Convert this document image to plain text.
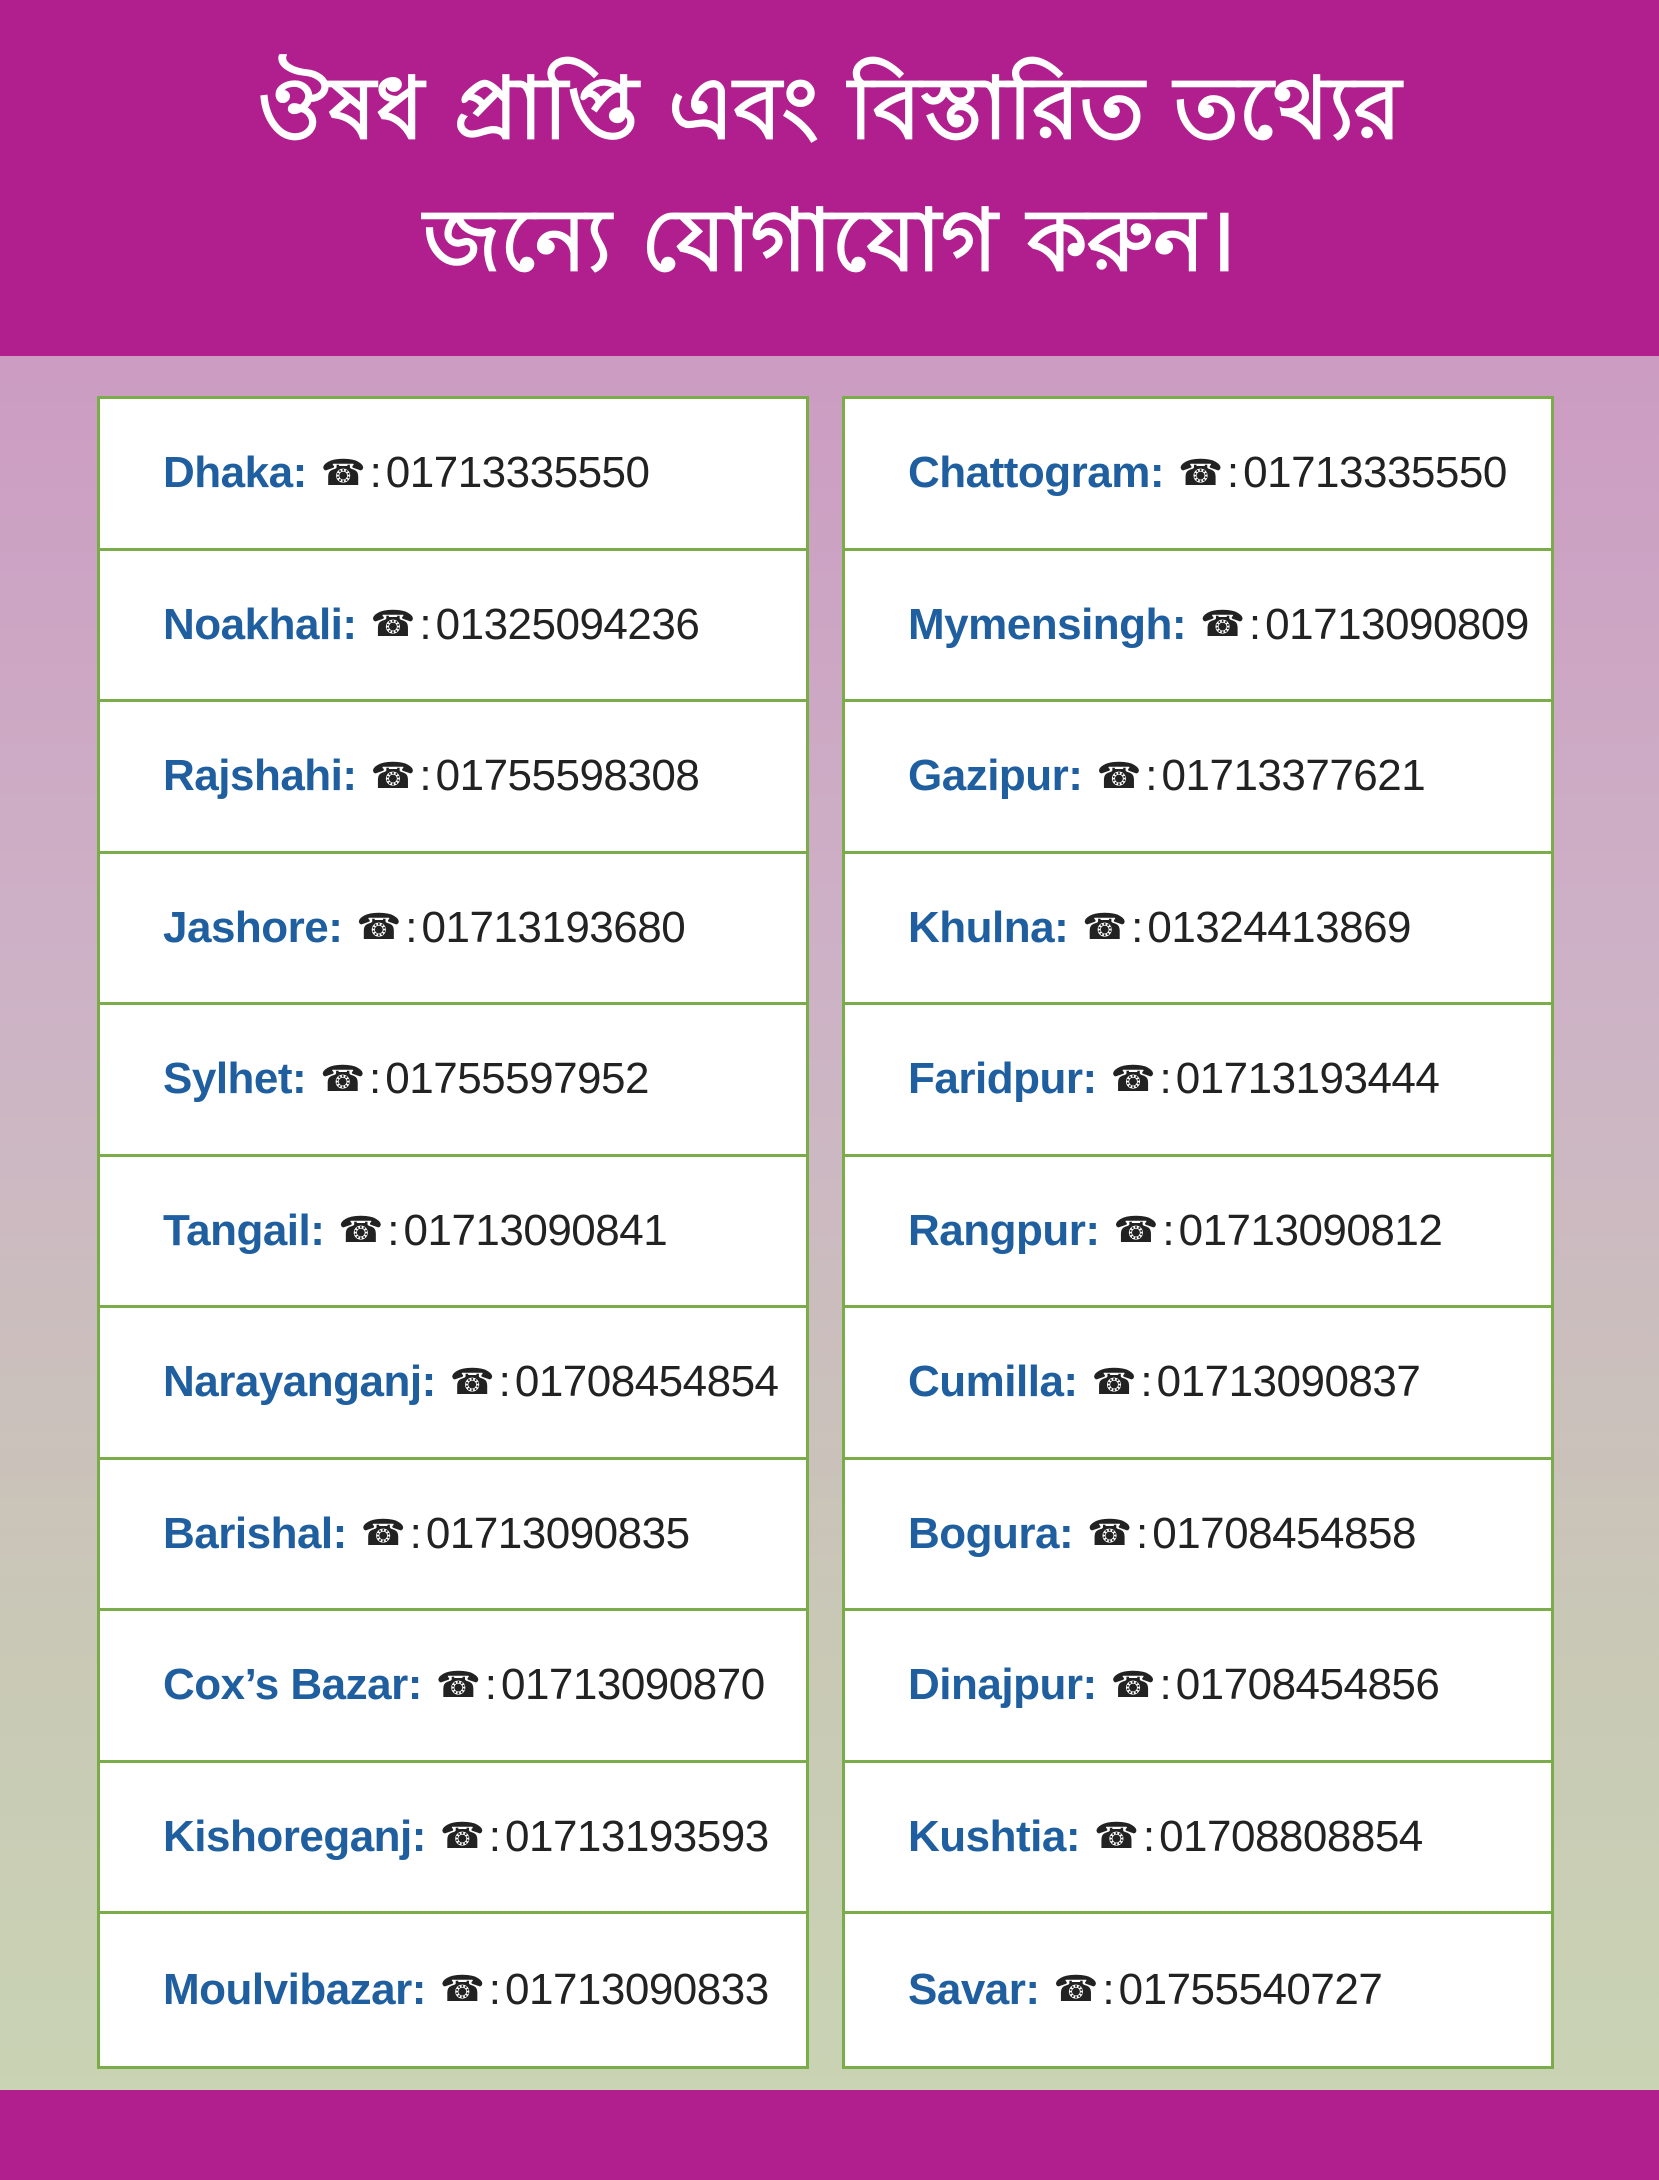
ঔষধ প্রাপ্তি এবং বিস্তারিত তথ্যের
জন্যে যোগাযোগ করুন।
Dhaka: ☎ : 01713335550
Noakhali: ☎ : 01325094236
Rajshahi: ☎ : 01755598308
Jashore: ☎ : 01713193680
Sylhet: ☎ : 01755597952
Tangail: ☎ : 01713090841
Narayanganj: ☎ : 01708454854
Barishal: ☎ : 01713090835
Cox’s Bazar: ☎ : 01713090870
Kishoreganj: ☎ : 01713193593
Moulvibazar: ☎ : 01713090833
Chattogram: ☎ : 01713335550
Mymensingh: ☎ : 01713090809
Gazipur: ☎ : 01713377621
Khulna: ☎ : 01324413869
Faridpur: ☎ : 01713193444
Rangpur: ☎ : 01713090812
Cumilla: ☎ : 01713090837
Bogura: ☎ : 01708454858
Dinajpur: ☎ : 01708454856
Kushtia: ☎ : 01708808854
Savar: ☎ : 01755540727
